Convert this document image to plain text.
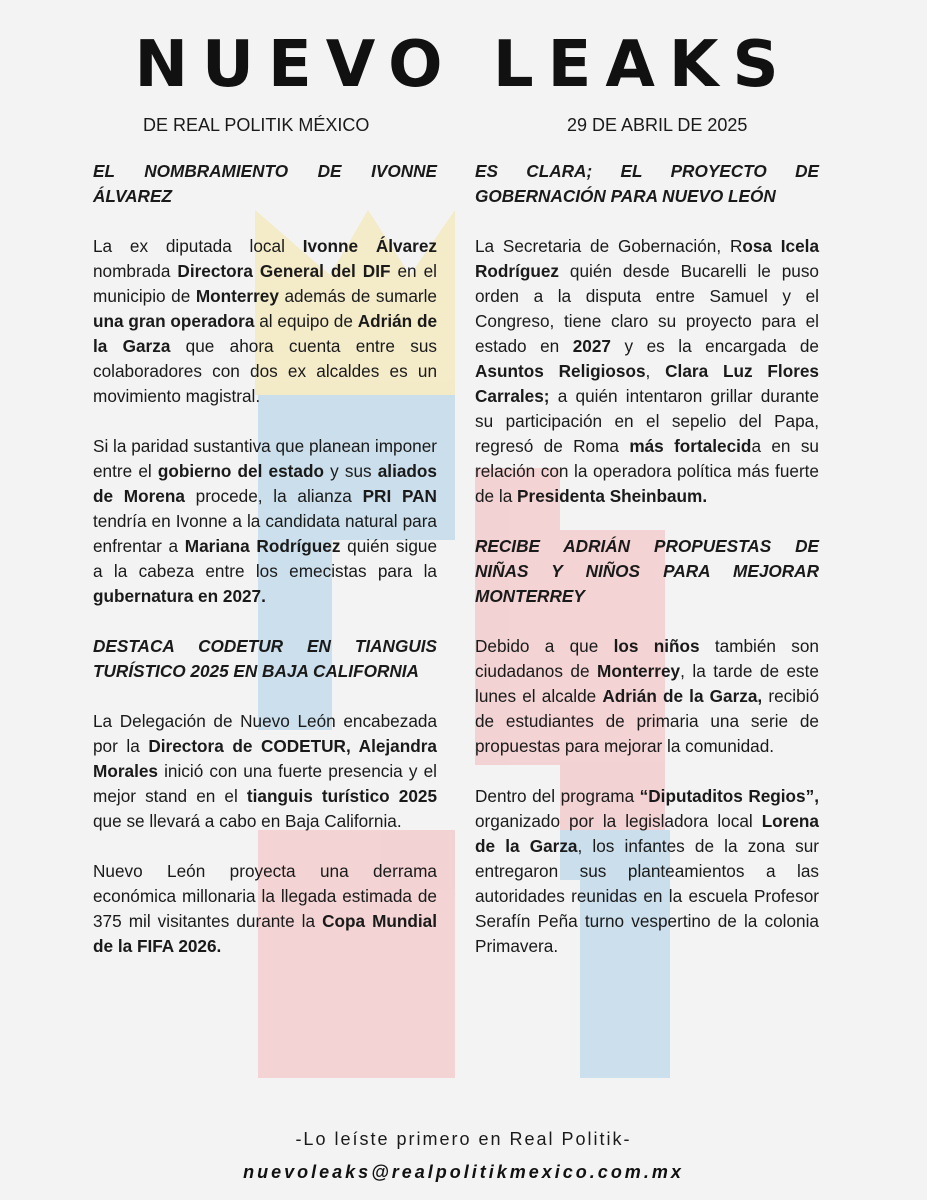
NUEVO LEAKS
DE REAL POLITIK MÉXICO	29 DE ABRIL DE 2025
EL NOMBRAMIENTO DE IVONNE ÁLVAREZ

La ex diputada local Ivonne Álvarez nombrada Directora General del DIF en el municipio de Monterrey además de sumarle una gran operadora al equipo de Adrián de la Garza que ahora cuenta entre sus colaboradores con dos ex alcaldes es un movimiento magistral.

Si la paridad sustantiva que planean imponer entre el gobierno del estado y sus aliados de Morena procede, la alianza PRI PAN tendría en Ivonne a la candidata natural para enfrentar a Mariana Rodríguez quién sigue a la cabeza entre los emecistas para la gubernatura en 2027.

DESTACA CODETUR EN TIANGUIS TURÍSTICO 2025 EN BAJA CALIFORNIA

La Delegación de Nuevo León encabezada por la Directora de CODETUR, Alejandra Morales inició con una fuerte presencia y el mejor stand en el tianguis turístico 2025 que se llevará a cabo en Baja California.

Nuevo León proyecta una derrama económica millonaria la llegada estimada de 375 mil visitantes durante la Copa Mundial de la FIFA 2026.

ES CLARA; EL PROYECTO DE GOBERNACIÓN PARA NUEVO LEÓN

La Secretaria de Gobernación, Rosa Icela Rodríguez quién desde Bucarelli le puso orden a la disputa entre Samuel y el Congreso, tiene claro su proyecto para el estado en 2027 y es la encargada de Asuntos Religiosos, Clara Luz Flores Carrales; a quién intentaron grillar durante su participación en el sepelio del Papa, regresó de Roma más fortalecida en su relación con la operadora política más fuerte de la Presidenta Sheinbaum.

RECIBE ADRIÁN PROPUESTAS DE NIÑAS Y NIÑOS PARA MEJORAR MONTERREY

Debido a que los niños también son ciudadanos de Monterrey, la tarde de este lunes el alcalde Adrián de la Garza, recibió de estudiantes de primaria una serie de propuestas para mejorar la comunidad.

Dentro del programa “Diputaditos Regios”, organizado por la legisladora local Lorena de la Garza, los infantes de la zona sur entregaron sus planteamientos a las autoridades reunidas en la escuela Profesor Serafín Peña turno vespertino de la colonia Primavera.

-Lo leíste primero en Real Politik-
nuevoleaks@realpolitikmexico.com.mx
